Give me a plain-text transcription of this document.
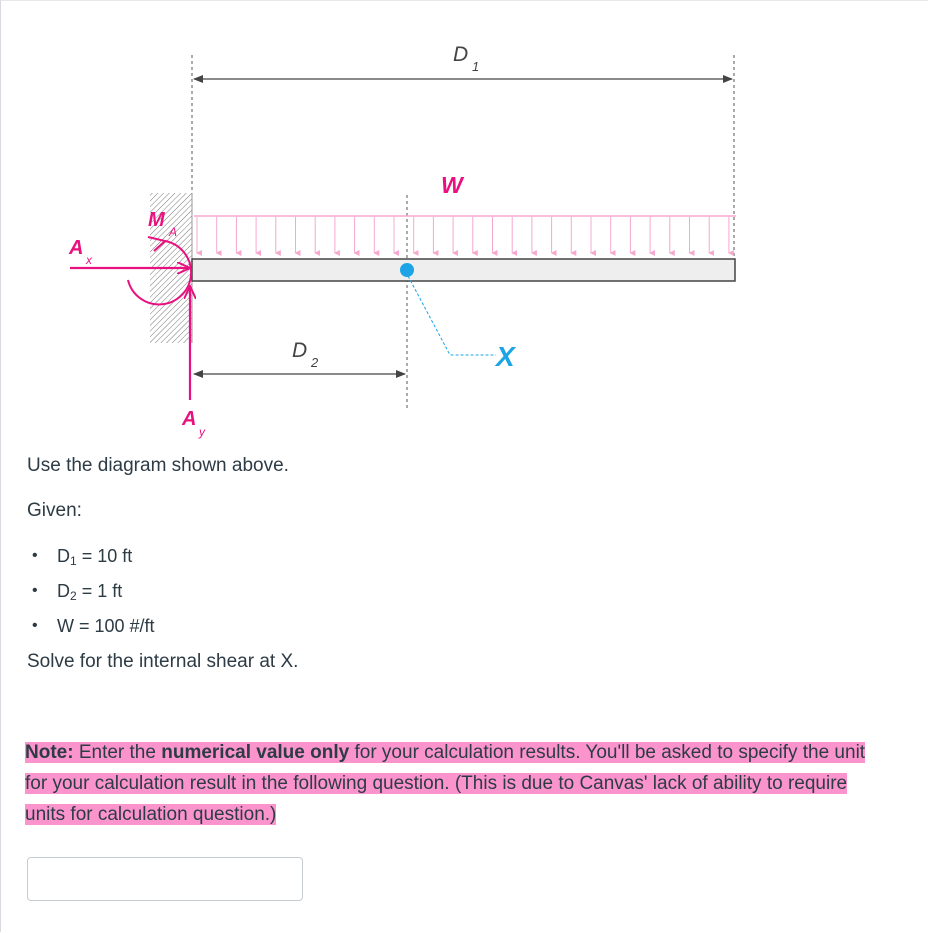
D
1
W
X
D
2
A
x
A
y
M
A
Use the diagram shown above.
Given:
• $D_1 = 10$ ft
• $D_2 = 1$ ft
• W = 100 #/ft
Solve for the internal shear at X.
Note: Enter the numerical value only for your calculation results. You'll be asked to specify the unit for your calculation result in the following question. (This is due to Canvas' lack of ability to require units for calculation question.)
